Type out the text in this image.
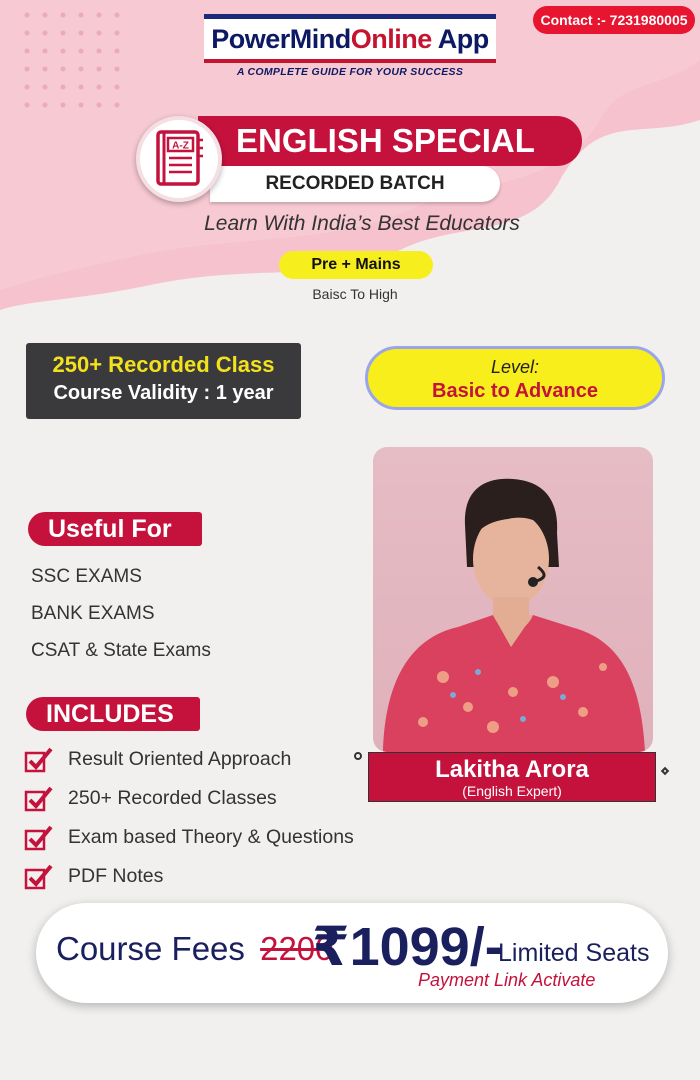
PowerMindOnline App
A COMPLETE GUIDE FOR YOUR SUCCESS
Contact :- 7231980005
ENGLISH SPECIAL
RECORDED BATCH
A-Z
Learn With India’s Best Educators
Pre + Mains
Baisc To High
250+ Recorded Class
Course Validity : 1 year
Level:
Basic to Advance
Lakitha Arora
(English Expert)
Useful For
SSC EXAMS
BANK EXAMS
CSAT & State Exams
INCLUDES
Result Oriented Approach
250+ Recorded Classes
Exam based Theory & Questions
PDF Notes
Course Fees 2200
₹1099/-
Limited Seats
Payment Link Activate
